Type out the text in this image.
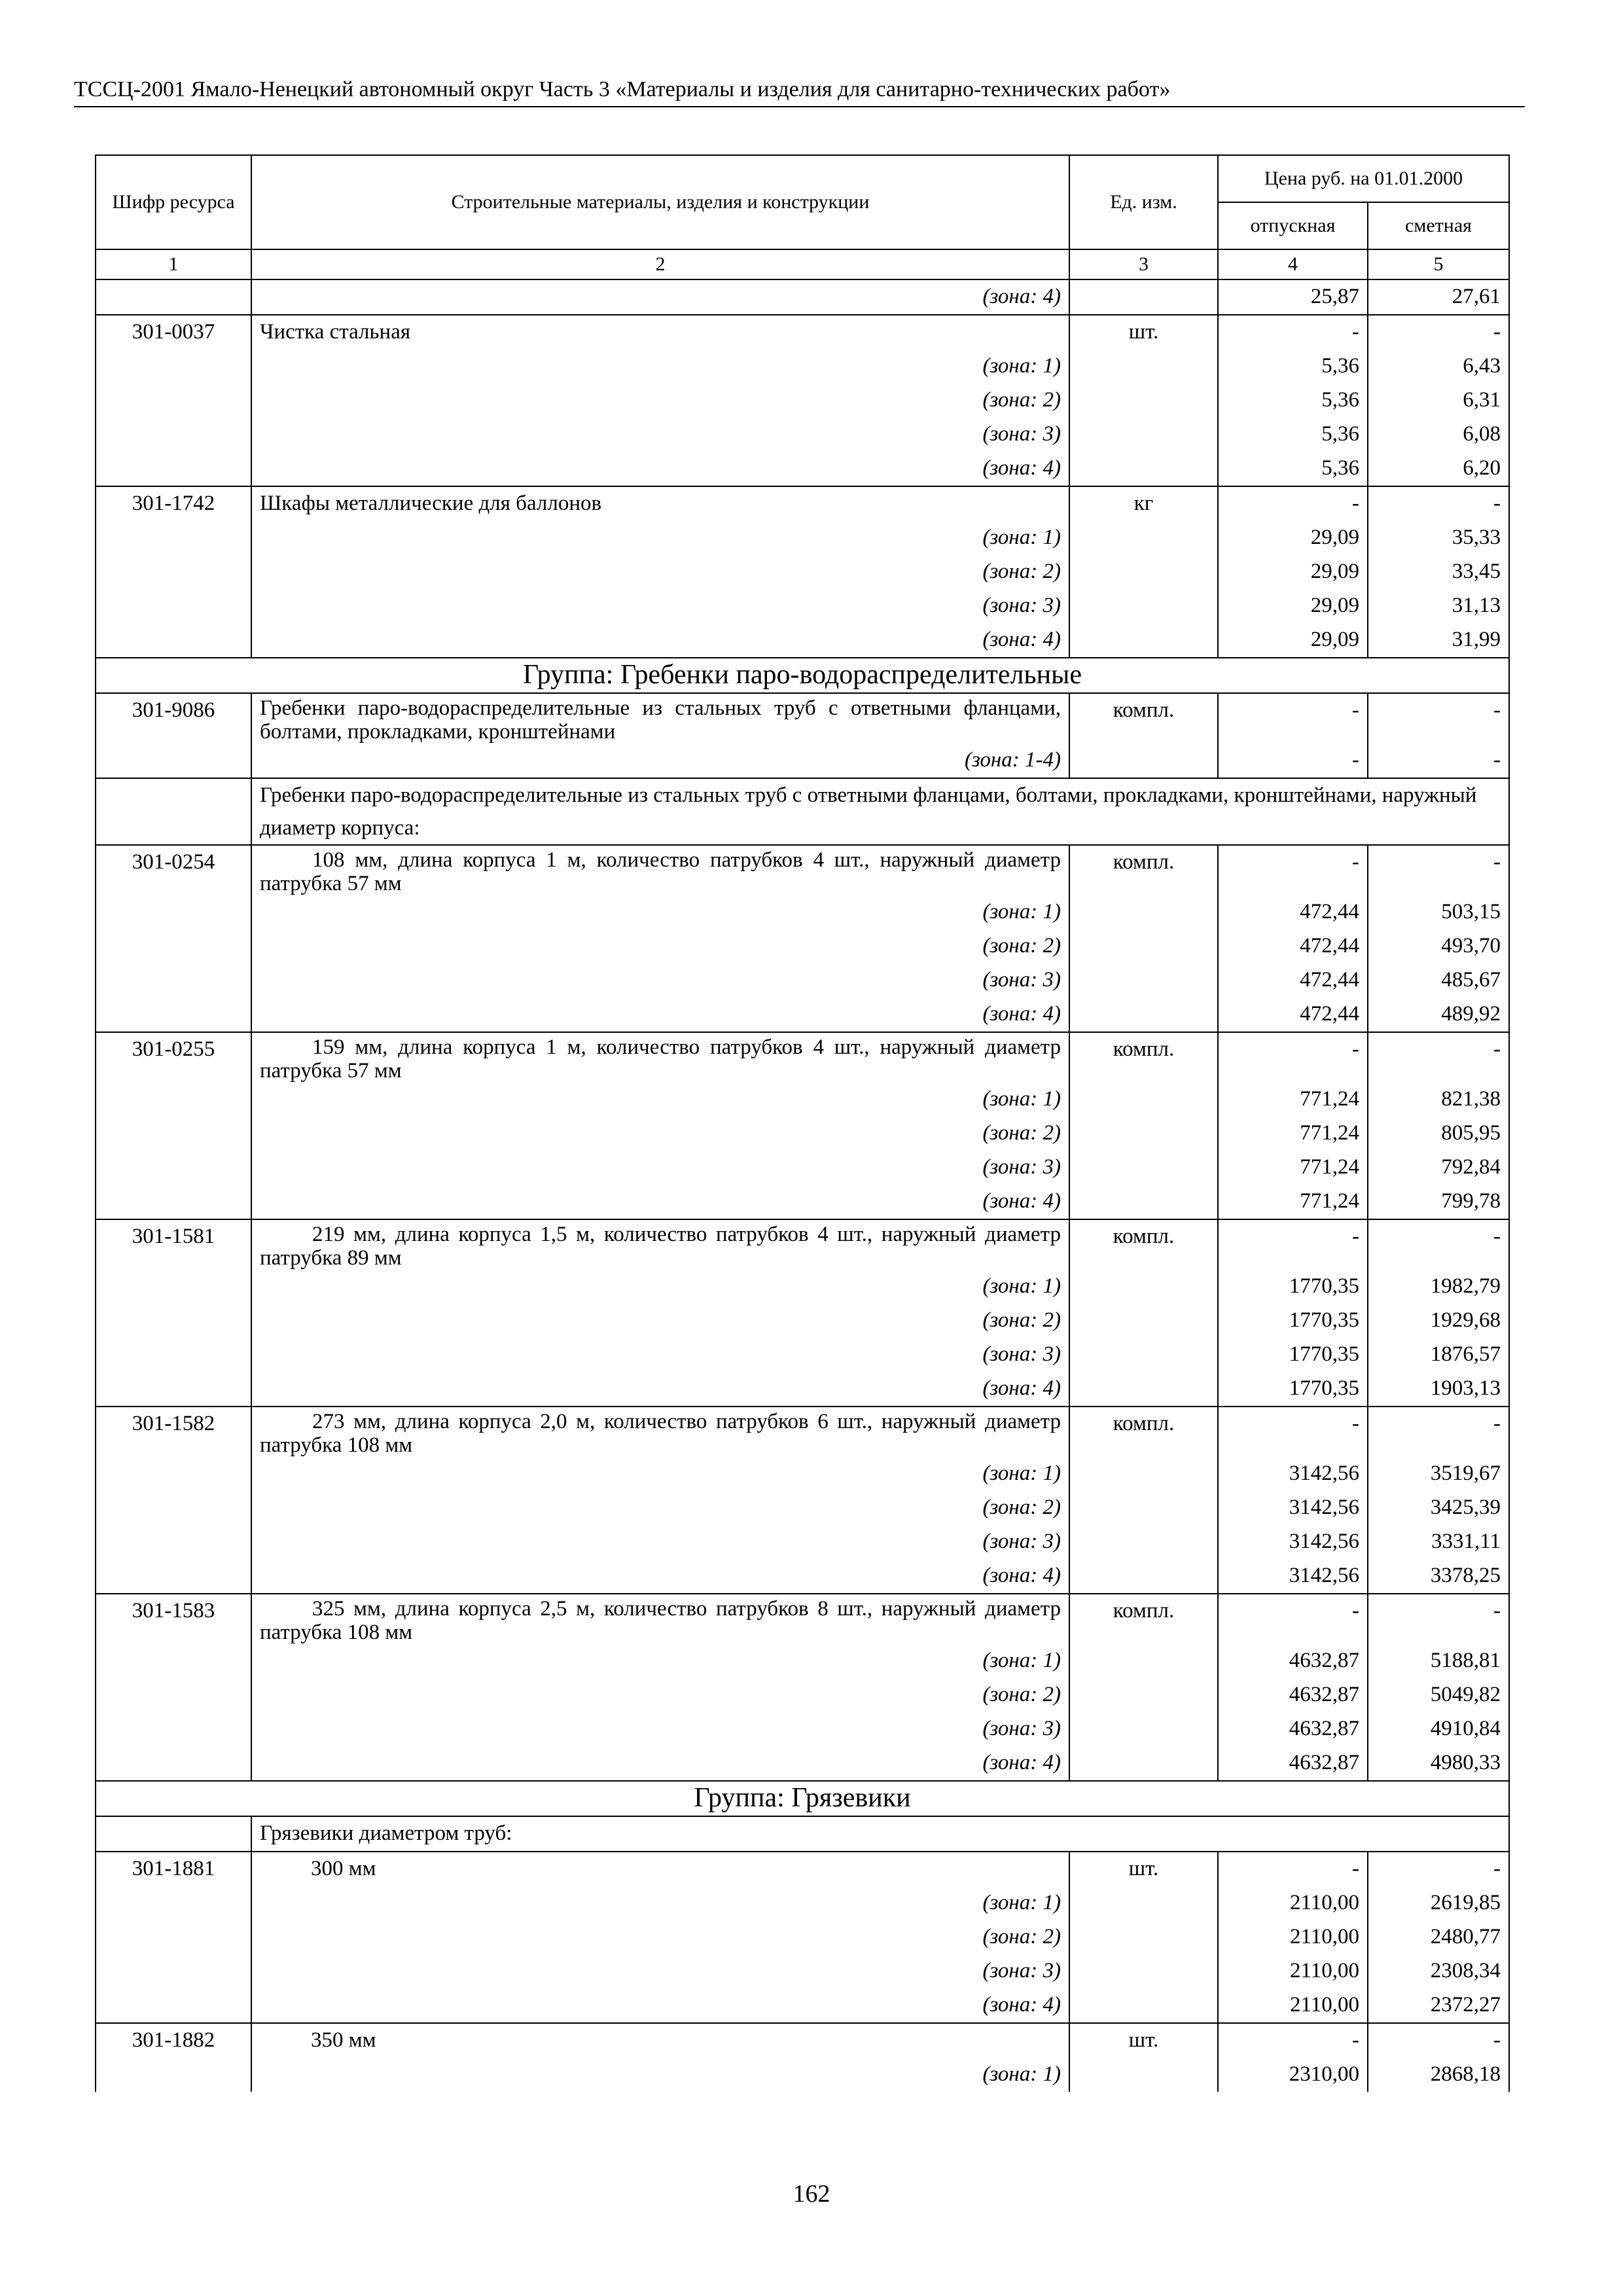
ТССЦ-2001 Ямало-Ненецкий автономный округ Часть 3 «Материалы и изделия для санитарно-технических работ»
Шифр ресурса	Строительные материалы, изделия и конструкции	Ед. изм.	Цена руб. на 01.01.2000	
			отпускная	сметная
1	2	3	4	5
	(зона: 4)		25,87	27,61
301-0037	Чистка стальная	шт.	-	-
	(зона: 1)		5,36	6,43
	(зона: 2)		5,36	6,31
	(зона: 3)		5,36	6,08
	(зона: 4)		5,36	6,20
301-1742	Шкафы металлические для баллонов	кг	-	-
	(зона: 1)		29,09	35,33
	(зона: 2)		29,09	33,45
	(зона: 3)		29,09	31,13
	(зона: 4)		29,09	31,99
Группа: Гребенки паро-водораспределительные				
301-9086	Гребенки паро-водораспределительные из стальных труб с ответными фланцами, болтами, прокладками, кронштейнами	компл.	-	-
	(зона: 1-4)		-	-
	Гребенки паро-водораспределительные из стальных труб с ответными фланцами, болтами, прокладками, кронштейнами, наружный диаметр корпуса:			
301-0254	108 мм, длина корпуса 1 м, количество патрубков 4 шт., наружный диаметр патрубка 57 мм	компл.	-	-
	(зона: 1)		472,44	503,15
	(зона: 2)		472,44	493,70
	(зона: 3)		472,44	485,67
	(зона: 4)		472,44	489,92
301-0255	159 мм, длина корпуса 1 м, количество патрубков 4 шт., наружный диаметр патрубка 57 мм	компл.	-	-
	(зона: 1)		771,24	821,38
	(зона: 2)		771,24	805,95
	(зона: 3)		771,24	792,84
	(зона: 4)		771,24	799,78
301-1581	219 мм, длина корпуса 1,5 м, количество патрубков 4 шт., наружный диаметр патрубка 89 мм	компл.	-	-
	(зона: 1)		1770,35	1982,79
	(зона: 2)		1770,35	1929,68
	(зона: 3)		1770,35	1876,57
	(зона: 4)		1770,35	1903,13
301-1582	273 мм, длина корпуса 2,0 м, количество патрубков 6 шт., наружный диаметр патрубка 108 мм	компл.	-	-
	(зона: 1)		3142,56	3519,67
	(зона: 2)		3142,56	3425,39
	(зона: 3)		3142,56	3331,11
	(зона: 4)		3142,56	3378,25
301-1583	325 мм, длина корпуса 2,5 м, количество патрубков 8 шт., наружный диаметр патрубка 108 мм	компл.	-	-
	(зона: 1)		4632,87	5188,81
	(зона: 2)		4632,87	5049,82
	(зона: 3)		4632,87	4910,84
	(зона: 4)		4632,87	4980,33
Группа: Грязевики				
	Грязевики диаметром труб:			
301-1881	300 мм	шт.	-	-
	(зона: 1)		2110,00	2619,85
	(зона: 2)		2110,00	2480,77
	(зона: 3)		2110,00	2308,34
	(зона: 4)		2110,00	2372,27
301-1882	350 мм	шт.	-	-
	(зона: 1)		2310,00	2868,18
162
